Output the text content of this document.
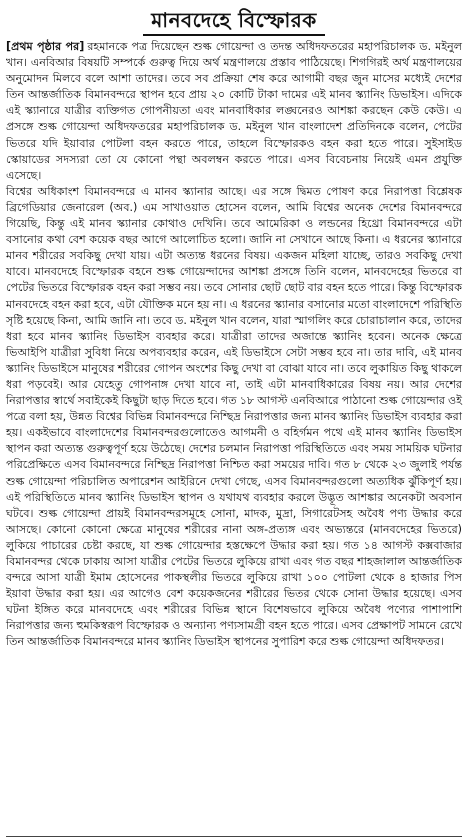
মানবদেহে বিস্ফোরক

[প্রথম পৃষ্ঠার পর] রহমানকে পত্র দিয়েছেন শুল্ক গোয়েন্দা ও তদন্ত অধিদফতরের মহাপরিচালক ড. মইনুল খান। এনবিআর বিষয়টি সম্পর্কে গুরুত্ব দিয়ে অর্থ মন্ত্রণালয়ে প্রস্তাব পাঠিয়েছে। শিগগিরই অর্থ মন্ত্রণালয়ের অনুমোদন মিলবে বলে আশা তাদের। তবে সব প্রক্রিয়া শেষ করে আগামী বছর জুন মাসের মধ্যেই দেশের তিন আন্তর্জাতিক বিমানবন্দরে স্থাপন হবে প্রায় ২০ কোটি টাকা দামের এই মানব স্ক্যানিং ডিভাইস। এদিকে এই স্ক্যানারে যাত্রীর ব্যক্তিগত গোপনীয়তা এবং মানবাধিকার লঙ্ঘনেরও আশঙ্কা করছেন কেউ কেউ। এ প্রসঙ্গে শুল্ক গোয়েন্দা অধিদফতরের মহাপরিচালক ড. মইনুল খান বাংলাদেশ প্রতিদিনকে বলেন, পেটের ভিতরে যদি ইয়াবার পোটলা বহন করতে পারে, তাহলে বিস্ফোরকও বহন করা হতে পারে। সুইসাইড স্কোয়াডের সদস্যরা তো যে কোনো পন্থা অবলম্বন করতে পারে। এসব বিবেচনায় নিয়েই এমন প্রযুক্তি এসেছে।

বিশ্বের অধিকাংশ বিমানবন্দরে এ মানব স্ক্যানার আছে। এর সঙ্গে দ্বিমত পোষণ করে নিরাপত্তা বিশ্লেষক ব্রিগেডিয়ার জেনারেল (অব.) এম সাখাওয়াত হোসেন বলেন, আমি বিশ্বের অনেক দেশের বিমানবন্দরে গিয়েছি, কিন্তু এই মানব স্ক্যানার কোথাও দেখিনি। তবে আমেরিকা ও লন্ডনের হিথ্রো বিমানবন্দরে এটা বসানোর কথা বেশ কয়েক বছর আগে আলোচিত হলো। জানি না সেখানে আছে কিনা। এ ধরনের স্ক্যানারে মানব শরীরের সবকিছু দেখা যায়। এটা অত্যন্ত ধরনের বিষয়। একজন মহিলা যাচ্ছে, তারও সবকিছু দেখা যাবে। মানবদেহে বিস্ফোরক বহনে শুল্ক গোয়েন্দাদের আশঙ্কা প্রসঙ্গে তিনি বলেন, মানবদেহের ভিতরে বা পেটের ভিতরে বিস্ফোরক বহন করা সম্ভব নয়। তবে সোনার ছোট ছোট বার বহন হতে পারে। কিন্তু বিস্ফোরক মানবদেহে বহন করা হবে, এটা যৌক্তিক মনে হয় না। এ ধরনের স্ক্যানার বসানোর মতো বাংলাদেশে পরিস্থিতি সৃষ্টি হয়েছে কিনা, আমি জানি না। তবে ড. মইনুল খান বলেন, যারা স্মাগলিং করে চোরাচালান করে, তাদের ধরা হবে মানব স্ক্যানিং ডিভাইস ব্যবহার করে। যাত্রীরা তাদের অজান্তে স্ক্যানিং হবেন। অনেক ক্ষেত্রে ভিআইপি যাত্রীরা সুবিধা নিয়ে অপব্যবহার করেন, এই ডিভাইসে সেটা সম্ভব হবে না। তার দাবি, এই মানব স্ক্যানিং ডিভাইসে মানুষের শরীরের গোপন অংশের কিছু দেখা বা বোঝা যাবে না। তবে লুকায়িত কিছু থাকলে ধরা পড়বেই। আর যেহেতু গোপনাঙ্গ দেখা যাবে না, তাই এটা মানবাধিকারের বিষয় নয়। আর দেশের নিরাপত্তার স্বার্থে সবাইকেই কিছুটা ছাড় দিতে হবে। গত ১৮ আগস্ট এনবিআরে পাঠানো শুল্ক গোয়েন্দার ওই পত্রে বলা হয়, উন্নত বিশ্বের বিভিন্ন বিমানবন্দরে নিশ্ছিদ্র নিরাপত্তার জন্য মানব স্ক্যানিং ডিভাইস ব্যবহার করা হয়। একইভাবে বাংলাদেশের বিমানবন্দরগুলোতেও আগমনী ও বহির্গমন পথে এই মানব স্ক্যানিং ডিভাইস স্থাপন করা অত্যন্ত গুরুত্বপূর্ণ হয়ে উঠেছে। দেশের চলমান নিরাপত্তা পরিস্থিতিতে এবং সময় সাময়িক ঘটনার পরিপ্রেক্ষিতে এসব বিমানবন্দরে নিশ্ছিদ্র নিরাপত্তা নিশ্চিত করা সময়ের দাবি। গত ৮ থেকে ২৩ জুলাই পর্যন্ত শুল্ক গোয়েন্দা পরিচালিত অপারেশন আইরিনে দেখা গেছে, এসব বিমানবন্দরগুলো অত্যধিক ঝুঁকিপূর্ণ হয়। এই পরিস্থিতিতে মানব স্ক্যানিং ডিভাইস স্থাপন ও যথাযথ ব্যবহার করলে উদ্ভূত আশঙ্কার অনেকটা অবসান ঘটবে। শুল্ক গোয়েন্দা প্রায়ই বিমানবন্দরসমূহে সোনা, মাদক, মুদ্রা, সিগারেটসহ অবৈধ পণ্য উদ্ধার করে আসছে। কোনো কোনো ক্ষেত্রে মানুষের শরীরের নানা অঙ্গ-প্রত্যঙ্গ এবং অভ্যন্তরে (মানবদেহের ভিতরে) লুকিয়ে পাচারের চেষ্টা করছে, যা শুল্ক গোয়েন্দার হস্তক্ষেপে উদ্ধার করা হয়। গত ১৪ আগস্ট কক্সবাজার বিমানবন্দর থেকে ঢাকায় আসা যাত্রীর পেটের ভিতরে লুকিয়ে রাখা এবং গত বছর শাহজালাল আন্তর্জাতিক বন্দরে আসা যাত্রী ইমাম হোসেনের পাকস্থলীর ভিতরে লুকিয়ে রাখা ১০০ পোটলা থেকে ৪ হাজার পিস ইয়াবা উদ্ধার করা হয়। এর আগেও বেশ কয়েকজনের শরীরের ভিতর থেকে সোনা উদ্ধার হয়েছে। এসব ঘটনা ইঙ্গিত করে মানবদেহে এবং শরীরের বিভিন্ন স্থানে বিশেষভাবে লুকিয়ে অবৈধ পণ্যের পাশাপাশি নিরাপত্তার জন্য হুমকিস্বরূপ বিস্ফোরক ও অন্যান্য পণ্যসামগ্রী বহন হতে পারে। এসব প্রেক্ষাপট সামনে রেখে তিন আন্তর্জাতিক বিমানবন্দরে মানব স্ক্যানিং ডিভাইস স্থাপনের সুপারিশ করে শুল্ক গোয়েন্দা অধিদফতর।
